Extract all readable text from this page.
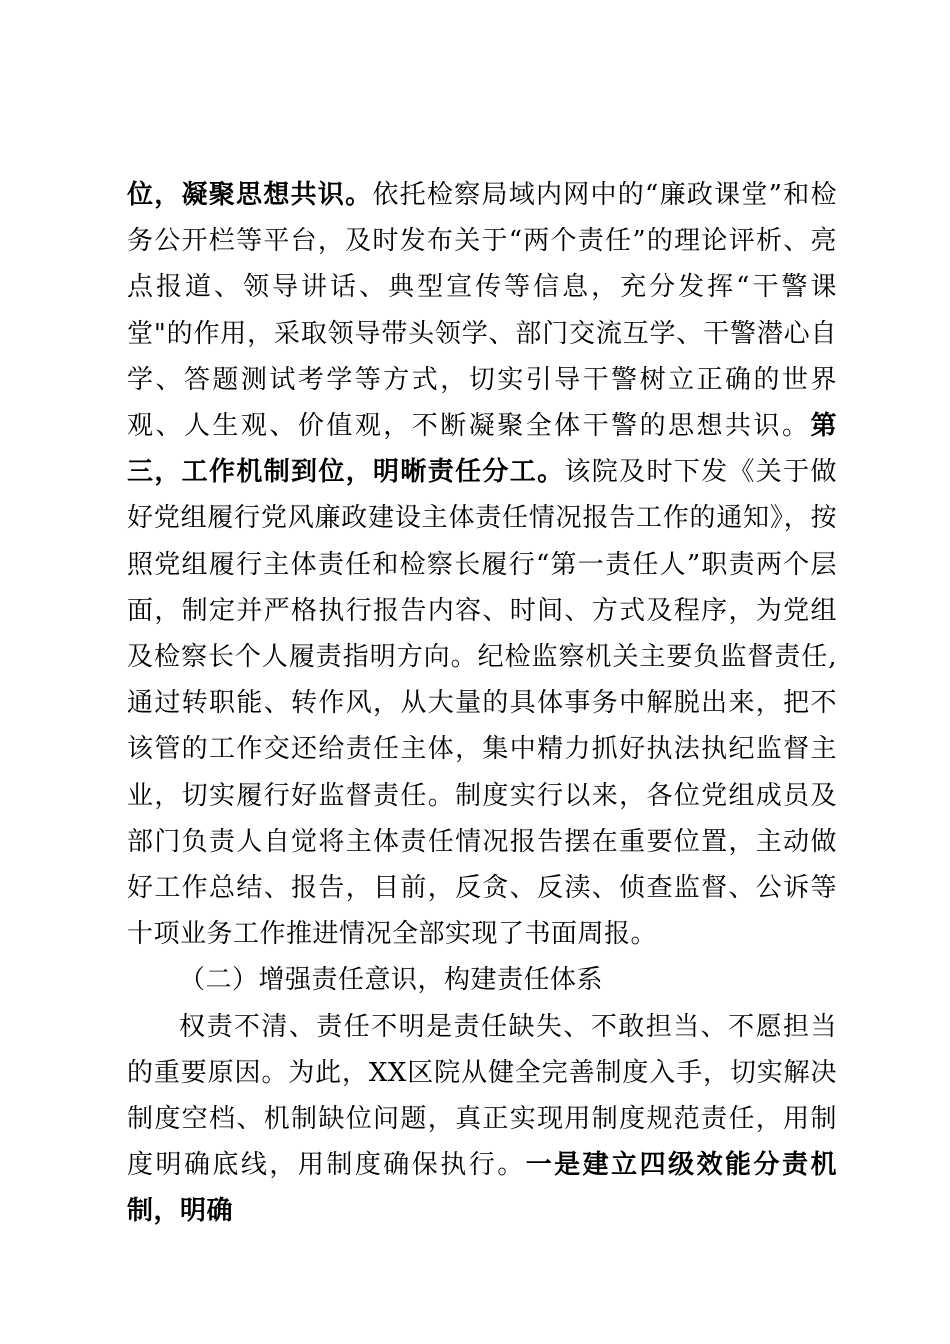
位，凝聚思想共识。依托检察局域内网中的“廉政课堂”和检务公开栏等平台，及时发布关于“两个责任”的理论评析、亮点报道、领导讲话、典型宣传等信息，充分发挥“干警课堂"的作用，采取领导带头领学、部门交流互学、干警潜心自学、答题测试考学等方式，切实引导干警树立正确的世界观、人生观、价值观，不断凝聚全体干警的思想共识。第三，工作机制到位，明晰责任分工。该院及时下发《关于做好党组履行党风廉政建设主体责任情况报告工作的通知》，按照党组履行主体责任和检察长履行“第一责任人”职责两个层面，制定并严格执行报告内容、时间、方式及程序，为党组及检察长个人履责指明方向。纪检监察机关主要负监督责任,通过转职能、转作风，从大量的具体事务中解脱出来，把不该管的工作交还给责任主体，集中精力抓好执法执纪监督主业，切实履行好监督责任。制度实行以来，各位党组成员及部门负责人自觉将主体责任情况报告摆在重要位置，主动做好工作总结、报告，目前，反贪、反渎、侦查监督、公诉等十项业务工作推进情况全部实现了书面周报。

（二）增强责任意识，构建责任体系

权责不清、责任不明是责任缺失、不敢担当、不愿担当的重要原因。为此，XX区院从健全完善制度入手，切实解决制度空档、机制缺位问题，真正实现用制度规范责任，用制度明确底线，用制度确保执行。一是建立四级效能分责机制，明确
